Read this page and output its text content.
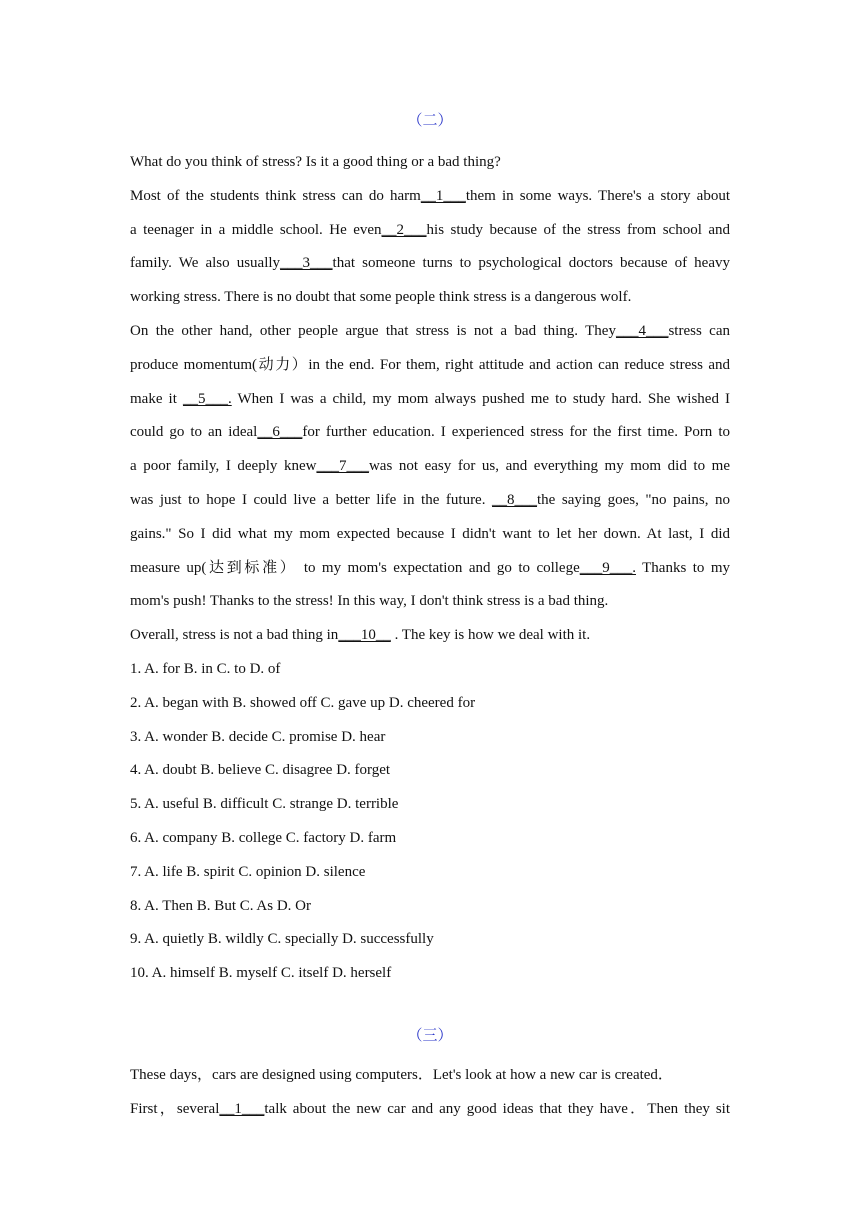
（二）
What do you think of stress? Is it a good thing or a bad thing?
Most of the students think stress can do harm__1___them in some ways. There's a story about
a teenager in a middle school. He even__2___his study because of the stress from school and
family. We also usually___3___that someone turns to psychological doctors because of heavy
working stress. There is no doubt that some people think stress is a dangerous wolf.
On the other hand, other people argue that stress is not a bad thing. They___4___stress can
produce momentum(动力）in the end. For them, right attitude and action can reduce stress and
make it __5___. When I was a child, my mom always pushed me to study hard. She wished I
could go to an ideal__6___for further education. I experienced stress for the first time. Porn to
a poor family, I deeply knew___7___was not easy for us, and everything my mom did to me
was just to hope I could live a better life in the future. __8___the saying goes, "no pains, no
gains." So I did what my mom expected because I didn't want to let her down. At last, I did
measure up(达到标准） to my mom's expectation and go to college___9___. Thanks to my
mom's push! Thanks to the stress! In this way, I don't think stress is a bad thing.
Overall, stress is not a bad thing in___10__ . The key is how we deal with it.
1. A. for B. in C. to D. of
2. A. began with B. showed off C. gave up D. cheered for
3. A. wonder B. decide C. promise D. hear
4. A. doubt B. believe C. disagree D. forget
5. A. useful B. difficult C. strange D. terrible
6. A. company B. college C. factory D. farm
7. A. life B. spirit C. opinion D. silence
8. A. Then B. But C. As D. Or
9. A. quietly B. wildly C. specially D. successfully
10. A. himself B. myself C. itself D. herself
（三）
These days，cars are designed using computers．Let's look at how a new car is created．
First，several__1___talk about the new car and any good ideas that they have．Then they sit
